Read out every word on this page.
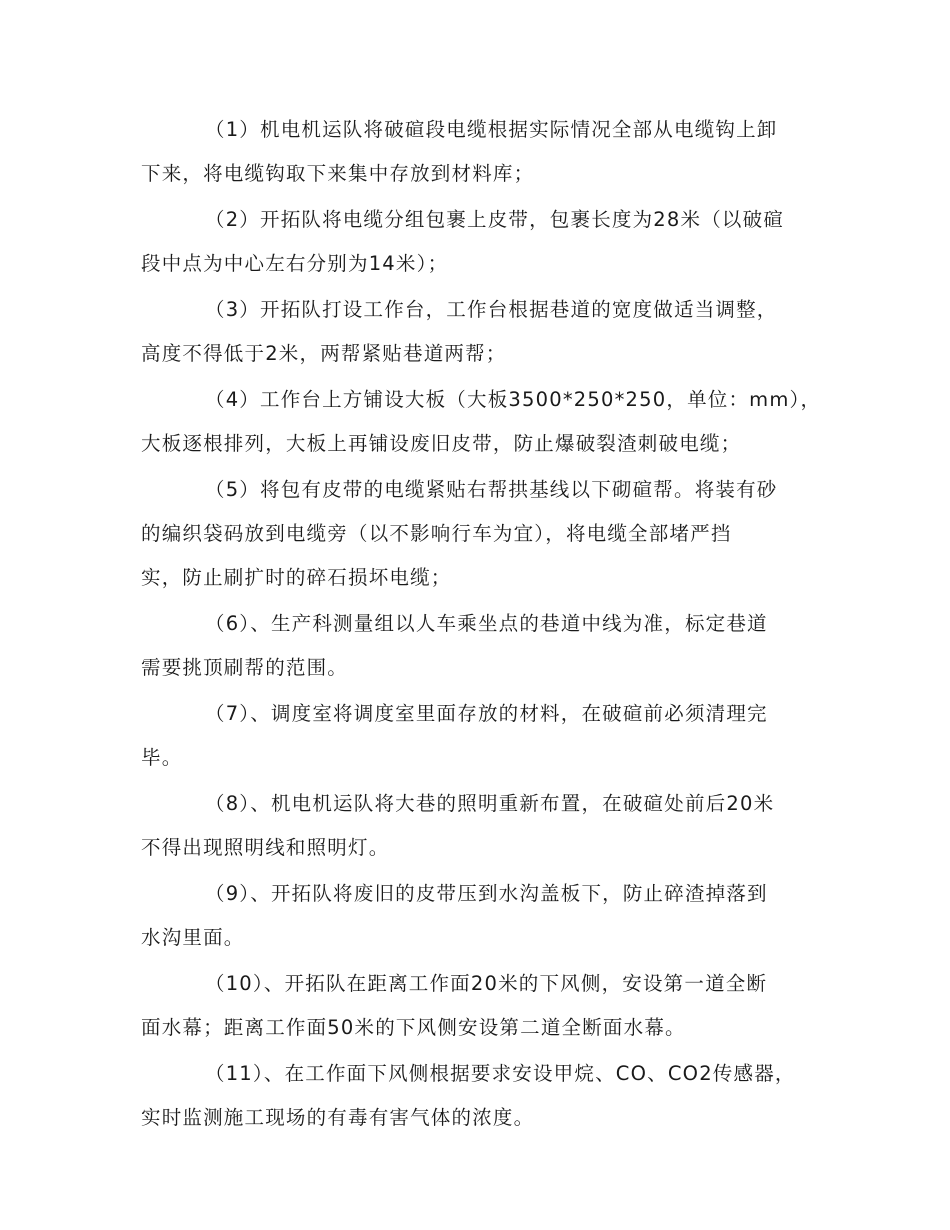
（1）机电机运队将破碹段电缆根据实际情况全部从电缆钩上卸
下来，将电缆钩取下来集中存放到材料库；
（2）开拓队将电缆分组包裹上皮带，包裹长度为28米（以破碹
段中点为中心左右分别为14米）；
（3）开拓队打设工作台，工作台根据巷道的宽度做适当调整，
高度不得低于2米，两帮紧贴巷道两帮；
（4）工作台上方铺设大板（大板3500*250*250，单位：mm），
大板逐根排列，大板上再铺设废旧皮带，防止爆破裂渣刺破电缆；
（5）将包有皮带的电缆紧贴右帮拱基线以下砌碹帮。将装有砂
的编织袋码放到电缆旁（以不影响行车为宜），将电缆全部堵严挡
实，防止刷扩时的碎石损坏电缆；
（6）、生产科测量组以人车乘坐点的巷道中线为准，标定巷道
需要挑顶刷帮的范围。
（7）、调度室将调度室里面存放的材料，在破碹前必须清理完
毕。
（8）、机电机运队将大巷的照明重新布置，在破碹处前后20米
不得出现照明线和照明灯。
（9）、开拓队将废旧的皮带压到水沟盖板下，防止碎渣掉落到
水沟里面。
（10）、开拓队在距离工作面20米的下风侧，安设第一道全断
面水幕；距离工作面50米的下风侧安设第二道全断面水幕。
（11）、在工作面下风侧根据要求安设甲烷、CO、CO2传感器，
实时监测施工现场的有毒有害气体的浓度。
